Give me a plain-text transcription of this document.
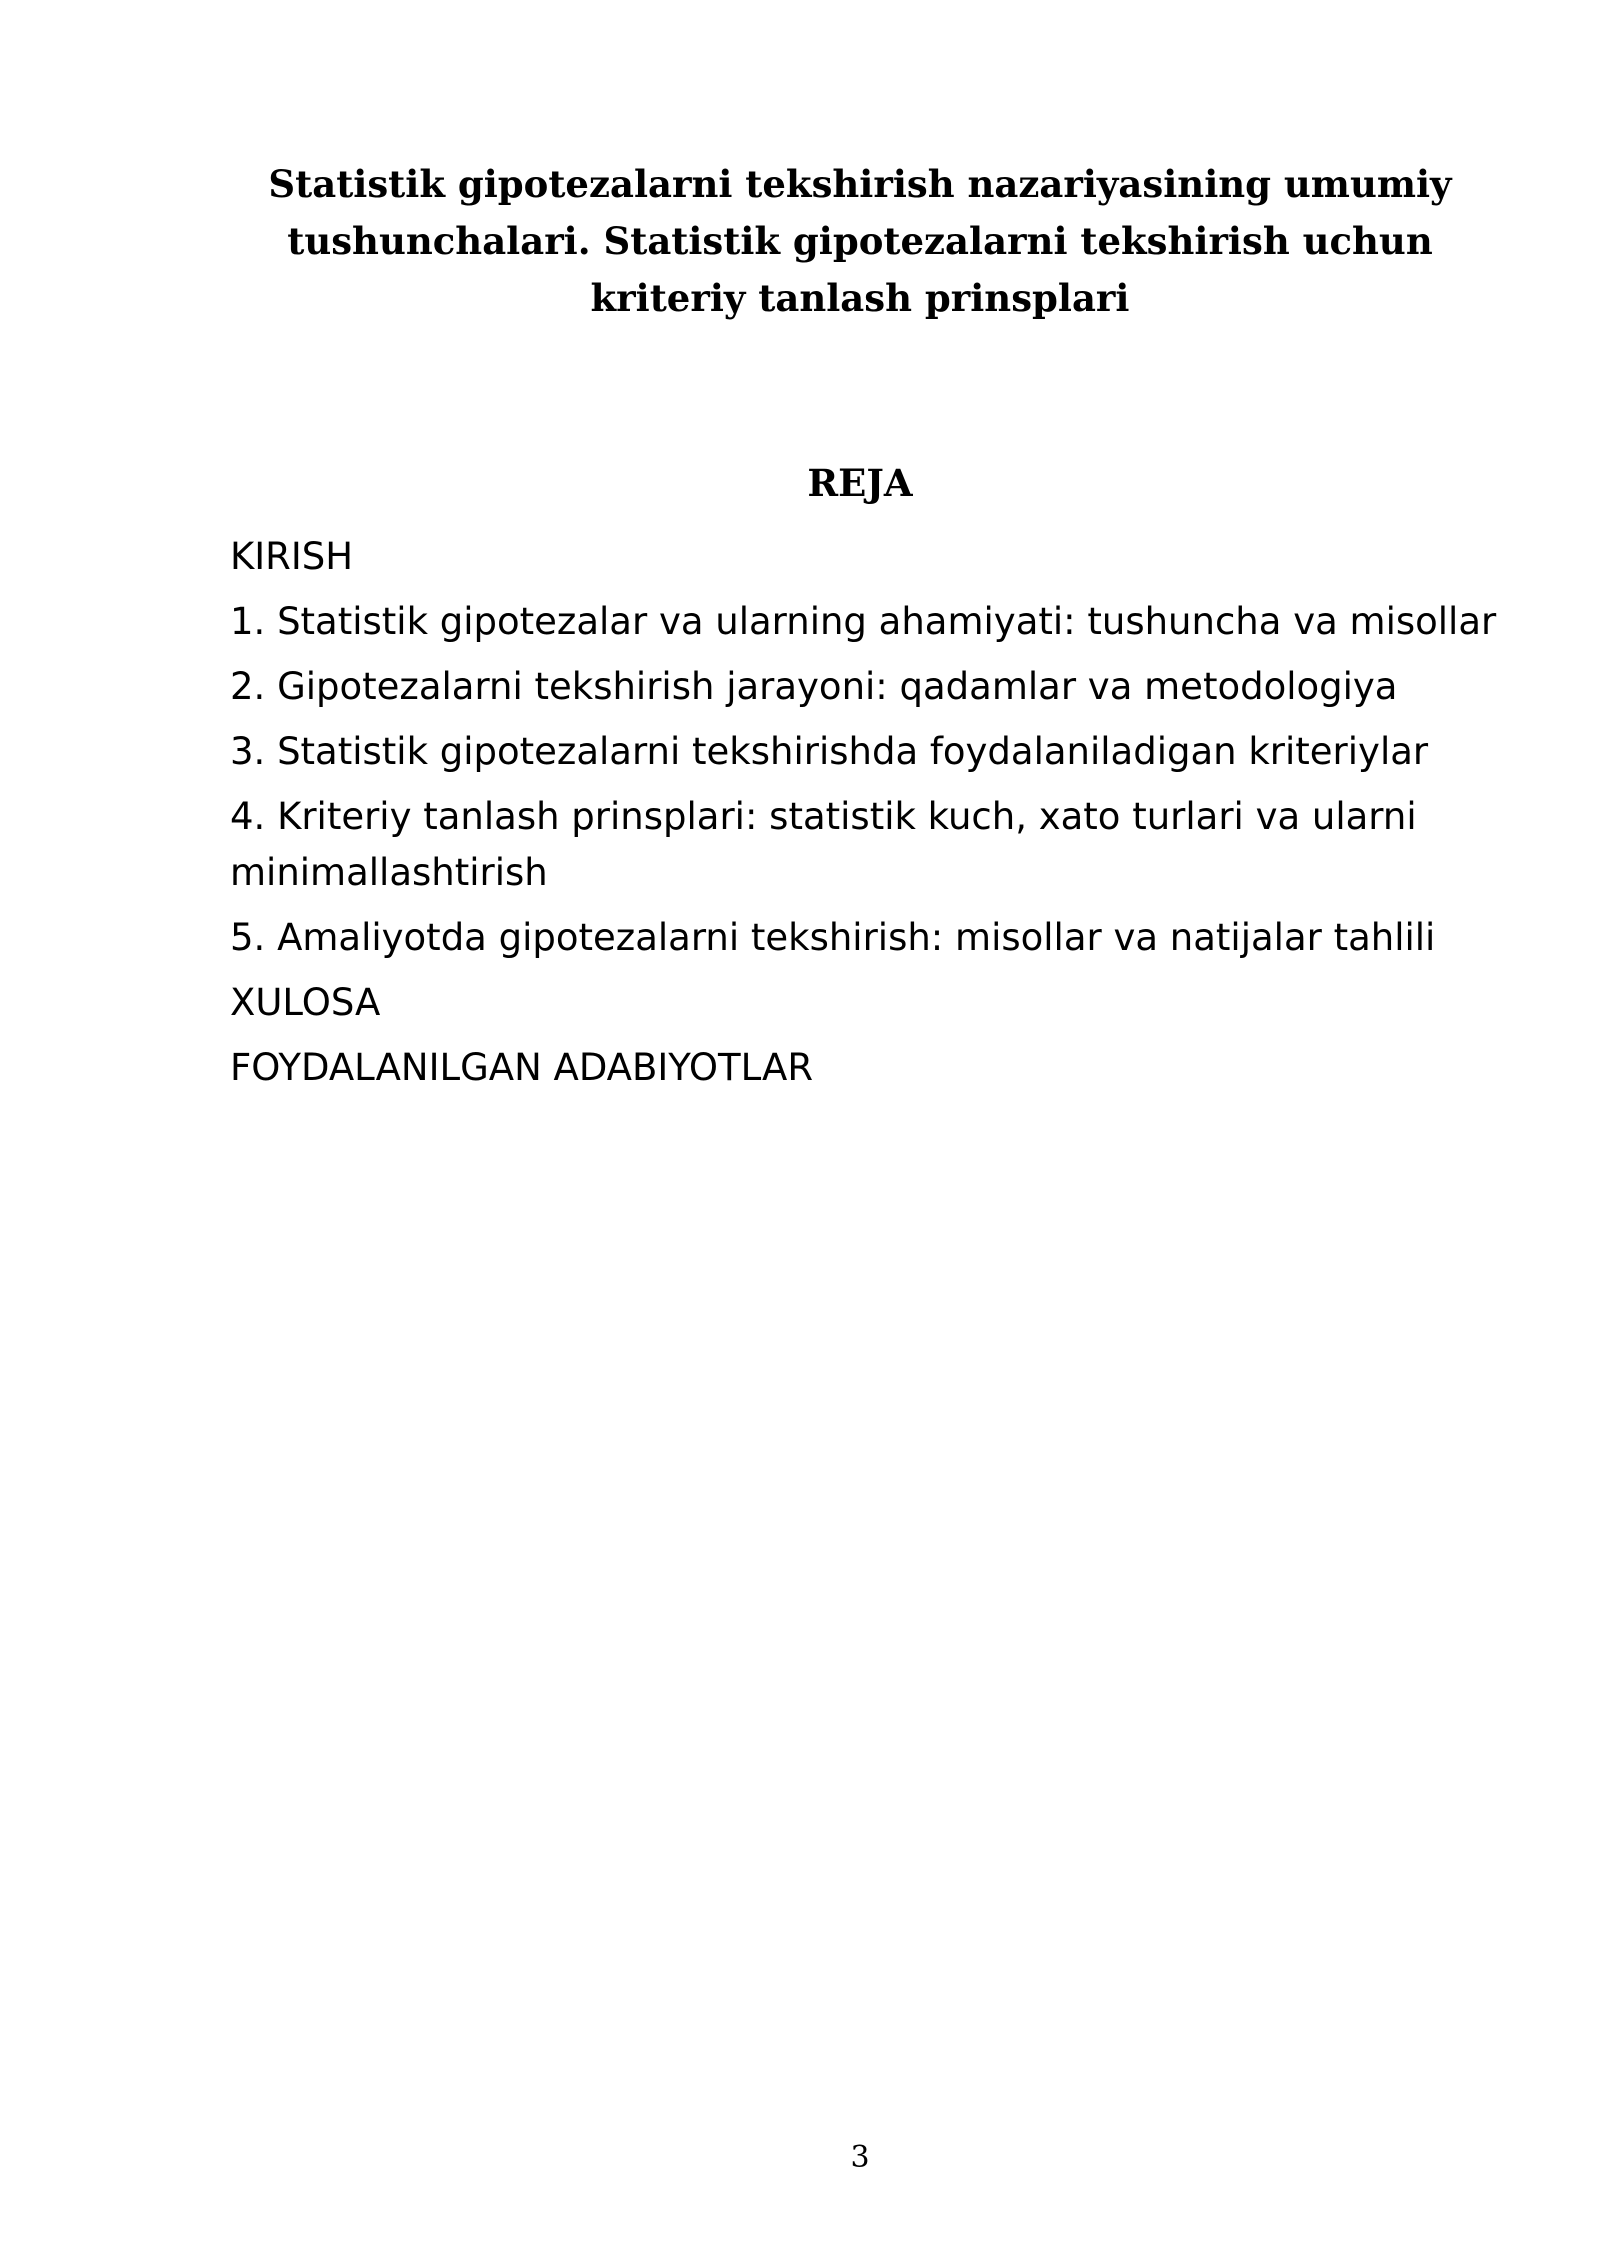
Statistik gipotezalarni tekshirish nazariyasining umumiy tushunchalari. Statistik gipotezalarni tekshirish uchun kriteriy tanlash prinsplari
REJA
KIRISH
1. Statistik gipotezalar va ularning ahamiyati: tushuncha va misollar
2. Gipotezalarni tekshirish jarayoni: qadamlar va metodologiya
3. Statistik gipotezalarni tekshirishda foydalaniladigan kriteriylar
4. Kriteriy tanlash prinsplari: statistik kuch, xato turlari va ularni minimallashtirish
5. Amaliyotda gipotezalarni tekshirish: misollar va natijalar tahlili
XULOSA
FOYDALANILGAN ADABIYOTLAR
3
